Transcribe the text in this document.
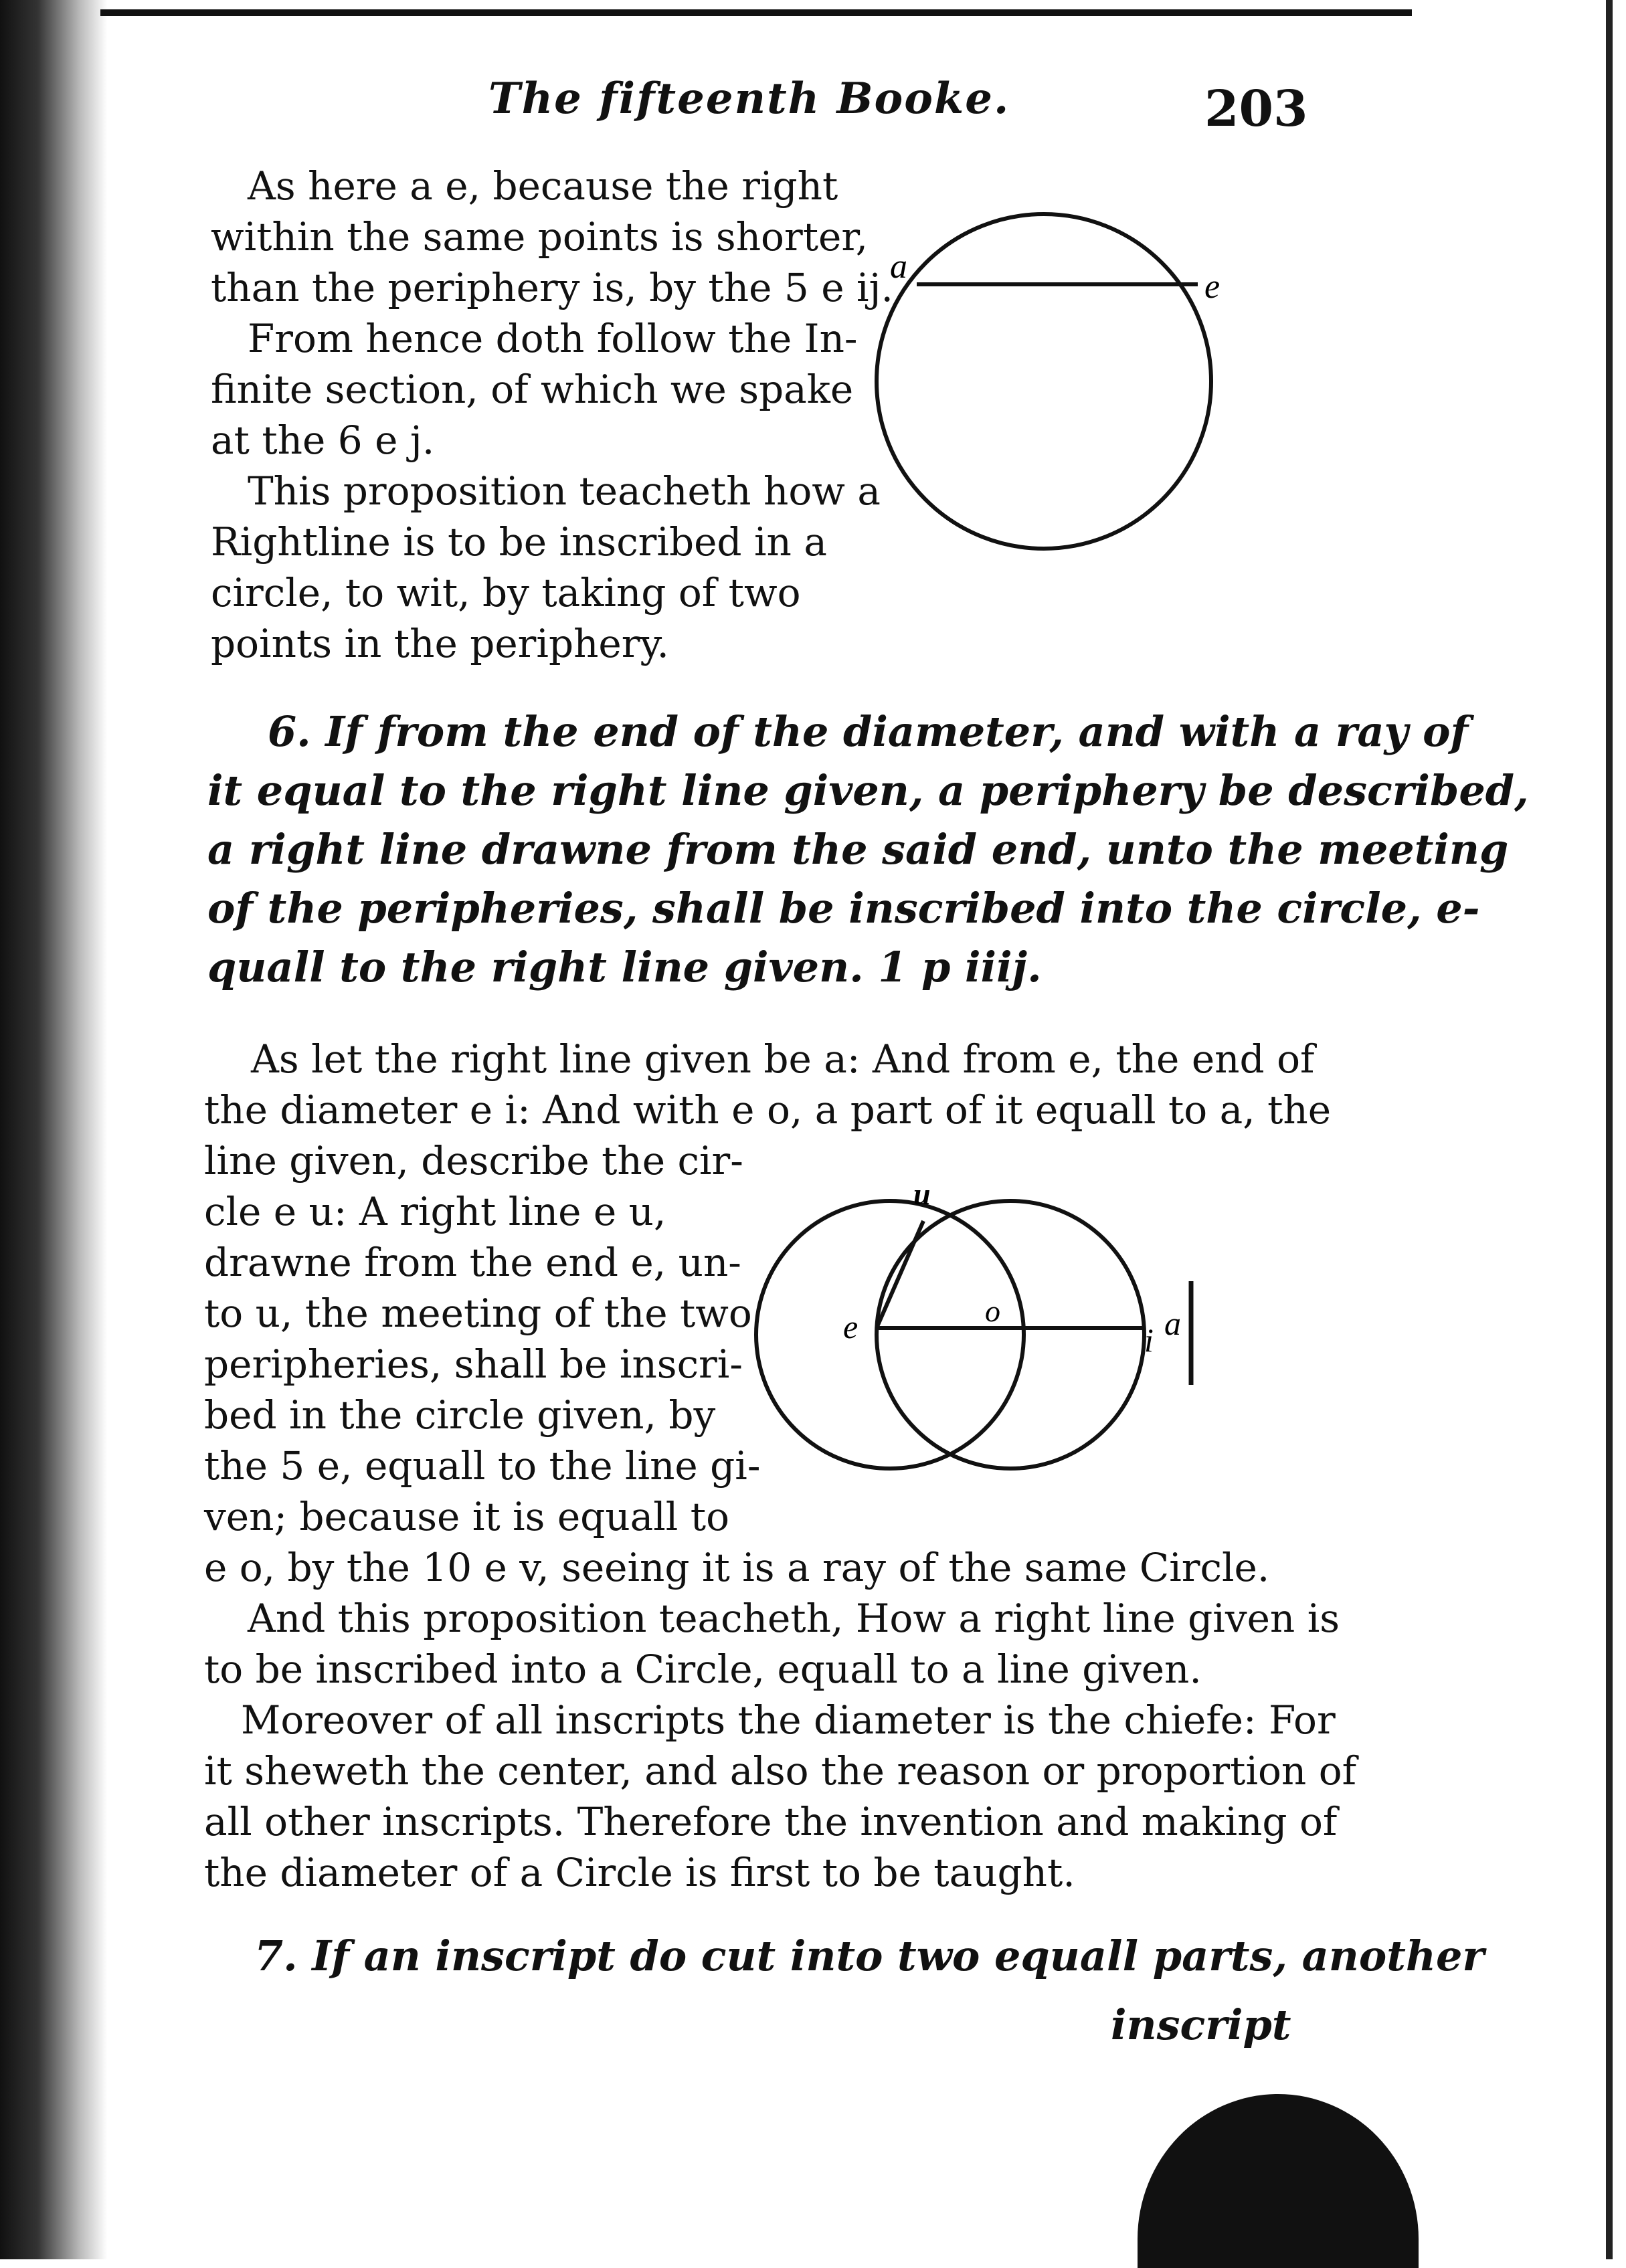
The fifteenth Booke.	203
As here a e, because the right
within the same points is shorter,
than the periphery is, by the 5 e ij.
From hence doth follow the In-
finite section, of which we spake
at the 6 e j.
This proposition teacheth how a
Rightline is to be inscribed in a
circle, to wit, by taking of two
points in the periphery.
a
e
6. If from the end of the diameter, and with a ray of
it equal to the right line given, a periphery be described,
a right line drawne from the said end, unto the meeting
of the peripheries, shall be inscribed into the circle, e-
quall to the right line given. 1 p iiij.
As let the right line given be a: And from e, the end of
the diameter e i: And with e o, a part of it equall to a, the
line given, describe the cir-
cle e u: A right line e u,
drawne from the end e, un-
to u, the meeting of the two
peripheries, shall be inscri-
bed in the circle given, by
the 5 e, equall to the line gi-
ven; because it is equall to
e o, by the 10 e v, seeing it is a ray of the same Circle.
And this proposition teacheth, How a right line given is
to be inscribed into a Circle, equall to a line given.
Moreover of all inscripts the diameter is the chiefe: For
it sheweth the center, and also the reason or proportion of
all other inscripts. Therefore the invention and making of
the diameter of a Circle is first to be taught.
u
e	o
i a
7. If an inscript do cut into two equall parts, another
inscript
